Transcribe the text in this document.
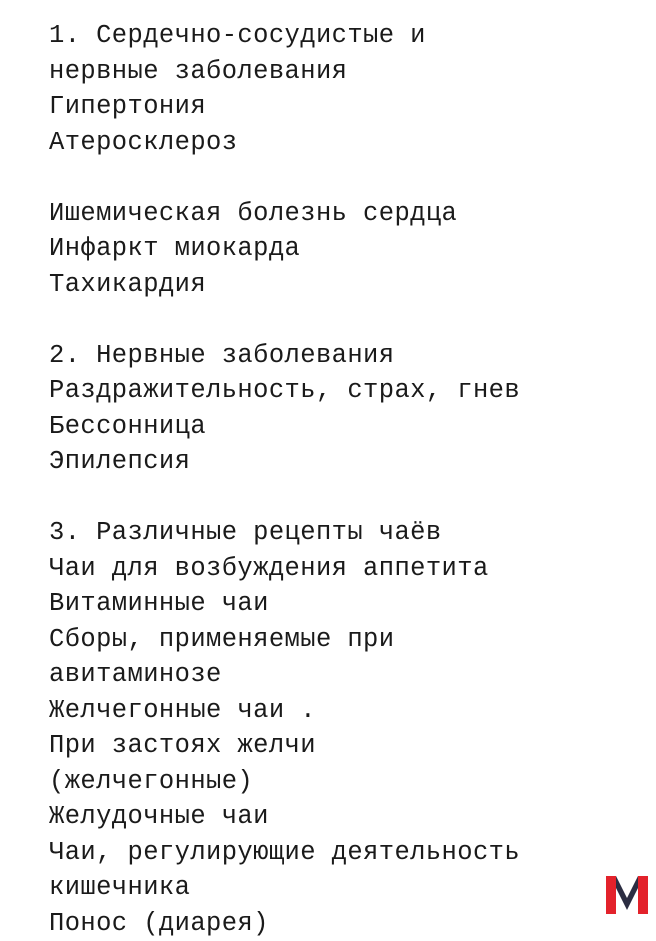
1. Сердечно-сосудистые и
нервные заболевания
Гипертония
Атеросклероз
Ишемическая болезнь сердца
Инфаркт миокарда
Тахикардия
2. Нервные заболевания
Раздражительность, страх, гнев
Бессонница
Эпилепсия
3. Различные рецепты чаёв
Чаи для возбуждения аппетита
Витаминные чаи
Сборы, применяемые при
авитаминозе
Желчегонные чаи .
При застоях желчи
(желчегонные)
Желудочные чаи
Чаи, регулирующие деятельность
кишечника
Понос (диарея)
